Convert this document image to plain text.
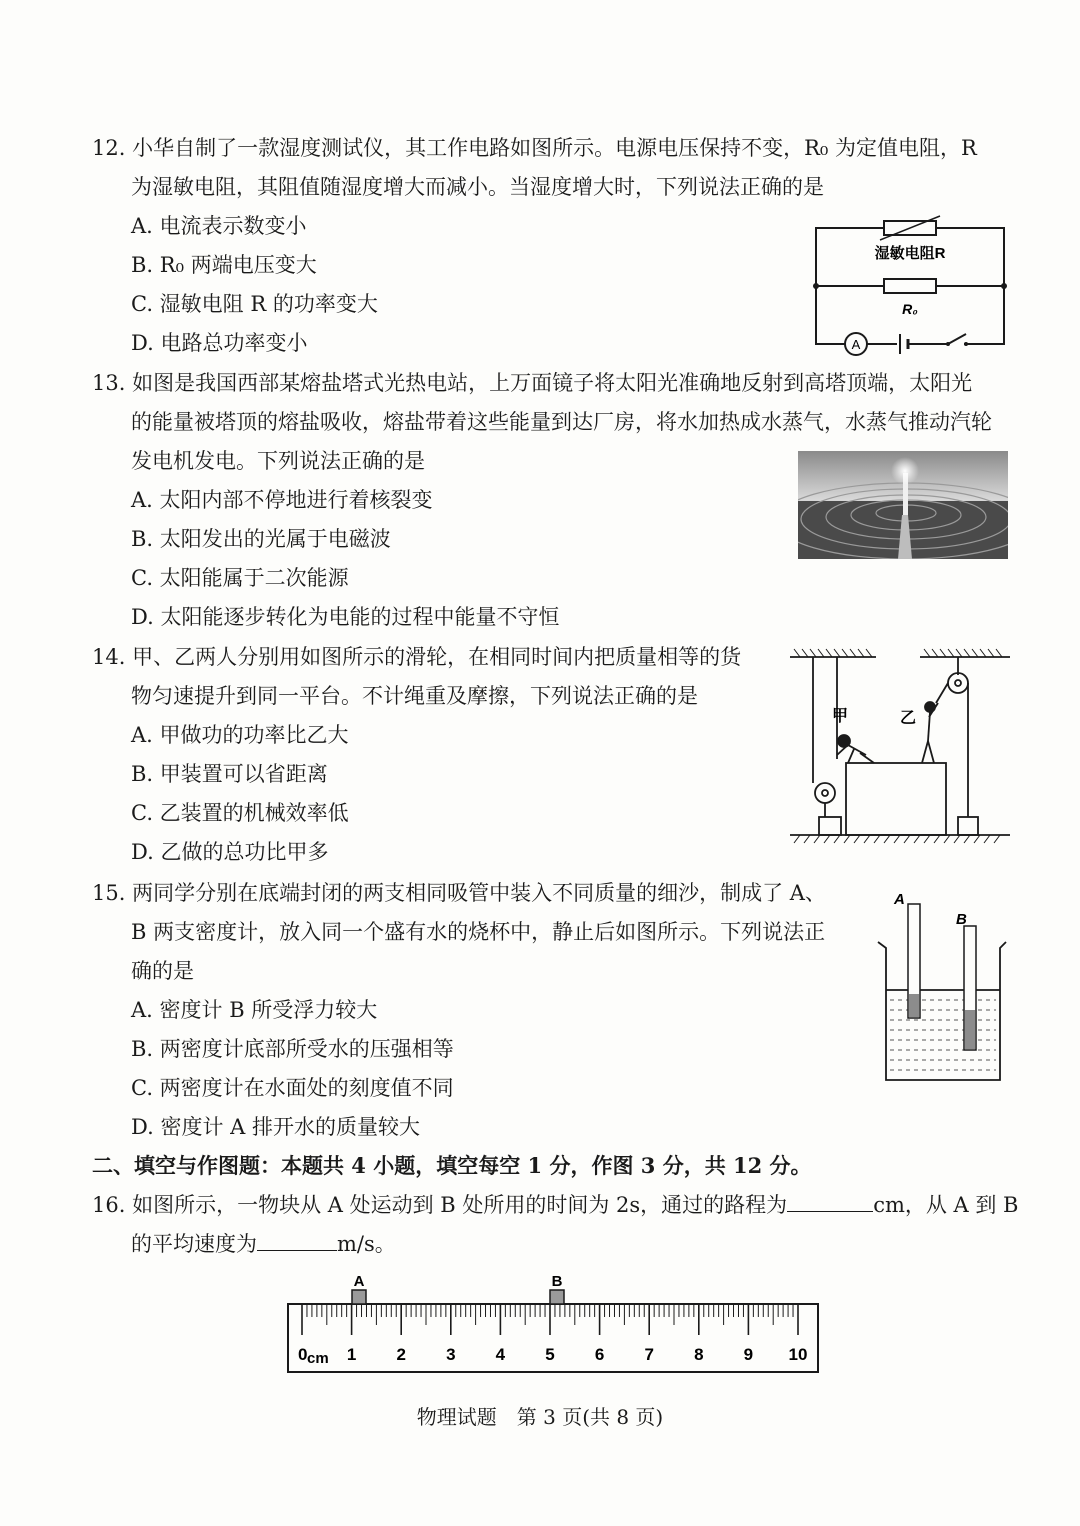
12. 小华自制了一款湿度测试仪，其工作电路如图所示。电源电压保持不变，R₀ 为定值电阻，R
为湿敏电阻，其阻值随湿度增大而减小。当湿度增大时，下列说法正确的是
A. 电流表示数变小
B. R₀ 两端电压变大
C. 湿敏电阻 R 的功率变大
D. 电路总功率变小
湿敏电阻R
R₀
A
13. 如图是我国西部某熔盐塔式光热电站，上万面镜子将太阳光准确地反射到高塔顶端，太阳光
的能量被塔顶的熔盐吸收，熔盐带着这些能量到达厂房，将水加热成水蒸气，水蒸气推动汽轮
发电机发电。下列说法正确的是
A. 太阳内部不停地进行着核裂变
B. 太阳发出的光属于电磁波
C. 太阳能属于二次能源
D. 太阳能逐步转化为电能的过程中能量不守恒
14. 甲、乙两人分别用如图所示的滑轮，在相同时间内把质量相等的货
物匀速提升到同一平台。不计绳重及摩擦，下列说法正确的是
A. 甲做功的功率比乙大
B. 甲装置可以省距离
C. 乙装置的机械效率低
D. 乙做的总功比甲多
甲	乙
15. 两同学分别在底端封闭的两支相同吸管中装入不同质量的细沙，制成了 A、
B 两支密度计，放入同一个盛有水的烧杯中，静止后如图所示。下列说法正
确的是
A. 密度计 B 所受浮力较大
B. 两密度计底部所受水的压强相等
C. 两密度计在水面处的刻度值不同
D. 密度计 A 排开水的质量较大
A
B
二、填空与作图题：本题共 4 小题，填空每空 1 分，作图 3 分，共 12 分。
16. 如图所示，一物块从 A 处运动到 B 处所用的时间为 2s，通过的路程为	cm，从 A 到 B
的平均速度为	m/s。
0 1 2 3 4 5 6 7 8 9 10
A	B
cm
物理试题　第 3 页(共 8 页)
